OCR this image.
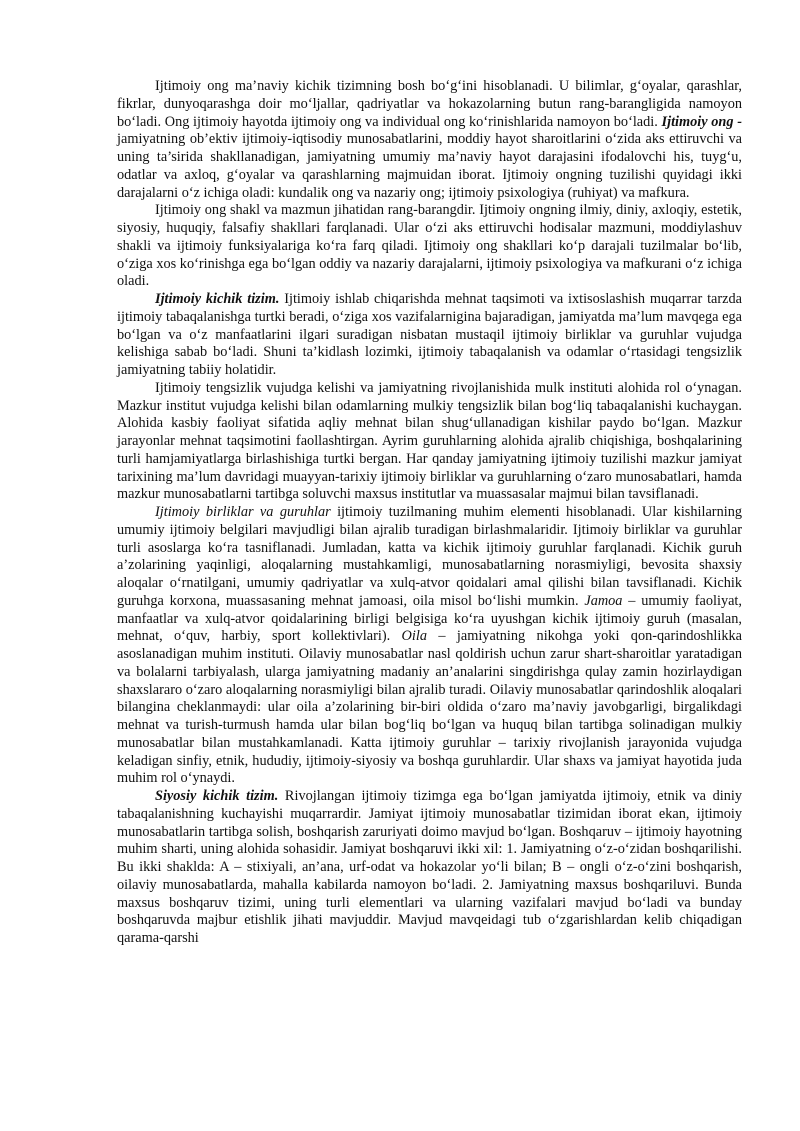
Ijtimoiy ong ma’naviy kichik tizimning bosh bo‘g‘ini hisoblanadi. U bilimlar, g‘oyalar, qarashlar, fikrlar, dunyoqarashga doir mo‘ljallar, qadriyatlar va hokazolarning butun rang-barangligida namoyon bo‘ladi. Ong ijtimoiy hayotda ijtimoiy ong va individual ong ko‘rinishlarida namoyon bo‘ladi. Ijtimoiy ong - jamiyatning ob’ektiv ijtimoiy-iqtisodiy munosabatlarini, moddiy hayot sharoitlarini o‘zida aks ettiruvchi va uning ta’sirida shakllanadigan, jamiyatning umumiy ma’naviy hayot darajasini ifodalovchi his, tuyg‘u, odatlar va axloq, g‘oyalar va qarashlarning majmuidan iborat. Ijtimoiy ongning tuzilishi quyidagi ikki darajalarni o‘z ichiga oladi: kundalik ong va nazariy ong; ijtimoiy psixologiya (ruhiyat) va mafkura.

Ijtimoiy ong shakl va mazmun jihatidan rang-barangdir. Ijtimoiy ongning ilmiy, diniy, axloqiy, estetik, siyosiy, huquqiy, falsafiy shakllari farqlanadi. Ular o‘zi aks ettiruvchi hodisalar mazmuni, moddiylashuv shakli va ijtimoiy funksiyalariga ko‘ra farq qiladi. Ijtimoiy ong shakllari ko‘p darajali tuzilmalar bo‘lib, o‘ziga xos ko‘rinishga ega bo‘lgan oddiy va nazariy darajalarni, ijtimoiy psixologiya va mafkurani o‘z ichiga oladi.

Ijtimoiy kichik tizim. Ijtimoiy ishlab chiqarishda mehnat taqsimoti va ixtisoslashish muqarrar tarzda ijtimoiy tabaqalanishga turtki beradi, o‘ziga xos vazifalarnigina bajaradigan, jamiyatda ma’lum mavqega ega bo‘lgan va o‘z manfaatlarini ilgari suradigan nisbatan mustaqil ijtimoiy birliklar va guruhlar vujudga kelishiga sabab bo‘ladi. Shuni ta’kidlash lozimki, ijtimoiy tabaqalanish va odamlar o‘rtasidagi tengsizlik jamiyatning tabiiy holatidir.

Ijtimoiy tengsizlik vujudga kelishi va jamiyatning rivojlanishida mulk instituti alohida rol o‘ynagan. Mazkur institut vujudga kelishi bilan odamlarning mulkiy tengsizlik bilan bog‘liq tabaqalanishi kuchaygan. Alohida kasbiy faoliyat sifatida aqliy mehnat bilan shug‘ullanadigan kishilar paydo bo‘lgan. Mazkur jarayonlar mehnat taqsimotini faollashtirgan. Ayrim guruhlarning alohida ajralib chiqishiga, boshqalarining turli hamjamiyatlarga birlashishiga turtki bergan. Har qanday jamiyatning ijtimoiy tuzilishi mazkur jamiyat tarixining ma’lum davridagi muayyan-tarixiy ijtimoiy birliklar va guruhlarning o‘zaro munosabatlari, hamda mazkur munosabatlarni tartibga soluvchi maxsus institutlar va muassasalar majmui bilan tavsiflanadi.

Ijtimoiy birliklar va guruhlar ijtimoiy tuzilmaning muhim elementi hisoblanadi. Ular kishilarning umumiy ijtimoiy belgilari mavjudligi bilan ajralib turadigan birlashmalaridir. Ijtimoiy birliklar va guruhlar turli asoslarga ko‘ra tasniflanadi. Jumladan, katta va kichik ijtimoiy guruhlar farqlanadi. Kichik guruh a’zolarining yaqinligi, aloqalarning mustahkamligi, munosabatlarning norasmiyligi, bevosita shaxsiy aloqalar o‘rnatilgani, umumiy qadriyatlar va xulq-atvor qoidalari amal qilishi bilan tavsiflanadi. Kichik guruhga korxona, muassasaning mehnat jamoasi, oila misol bo‘lishi mumkin. Jamoa – umumiy faoliyat, manfaatlar va xulq-atvor qoidalarining birligi belgisiga ko‘ra uyushgan kichik ijtimoiy guruh (masalan, mehnat, o‘quv, harbiy, sport kollektivlari). Oila – jamiyatning nikohga yoki qon-qarindoshlikka asoslanadigan muhim instituti. Oilaviy munosabatlar nasl qoldirish uchun zarur shart-sharoitlar yaratadigan va bolalarni tarbiyalash, ularga jamiyatning madaniy an’analarini singdirishga qulay zamin hozirlaydigan shaxslararo o‘zaro aloqalarning norasmiyligi bilan ajralib turadi. Oilaviy munosabatlar qarindoshlik aloqalari bilangina cheklanmaydi: ular oila a’zolarining bir-biri oldida o‘zaro ma’naviy javobgarligi, birgalikdagi mehnat va turish-turmush hamda ular bilan bog‘liq bo‘lgan va huquq bilan tartibga solinadigan mulkiy munosabatlar bilan mustahkamlanadi. Katta ijtimoiy guruhlar – tarixiy rivojlanish jarayonida vujudga keladigan sinfiy, etnik, hududiy, ijtimoiy-siyosiy va boshqa guruhlardir. Ular shaxs va jamiyat hayotida juda muhim rol o‘ynaydi.

Siyosiy kichik tizim. Rivojlangan ijtimoiy tizimga ega bo‘lgan jamiyatda ijtimoiy, etnik va diniy tabaqalanishning kuchayishi muqarrardir. Jamiyat ijtimoiy munosabatlar tizimidan iborat ekan, ijtimoiy munosabatlarin tartibga solish, boshqarish zaruriyati doimo mavjud bo‘lgan. Boshqaruv – ijtimoiy hayotning muhim sharti, uning alohida sohasidir. Jamiyat boshqaruvi ikki xil: 1. Jamiyatning o‘z-o‘zidan boshqarilishi. Bu ikki shaklda: A – stixiyali, an’ana, urf-odat va hokazolar yo‘li bilan; B – ongli o‘z-o‘zini boshqarish, oilaviy munosabatlarda, mahalla kabilarda namoyon bo‘ladi. 2. Jamiyatning maxsus boshqariluvi. Bunda maxsus boshqaruv tizimi, uning turli elementlari va ularning vazifalari mavjud bo‘ladi va bunday boshqaruvda majbur etishlik jihati mavjuddir. Mavjud mavqeidagi tub o‘zgarishlardan kelib chiqadigan qarama-qarshi
